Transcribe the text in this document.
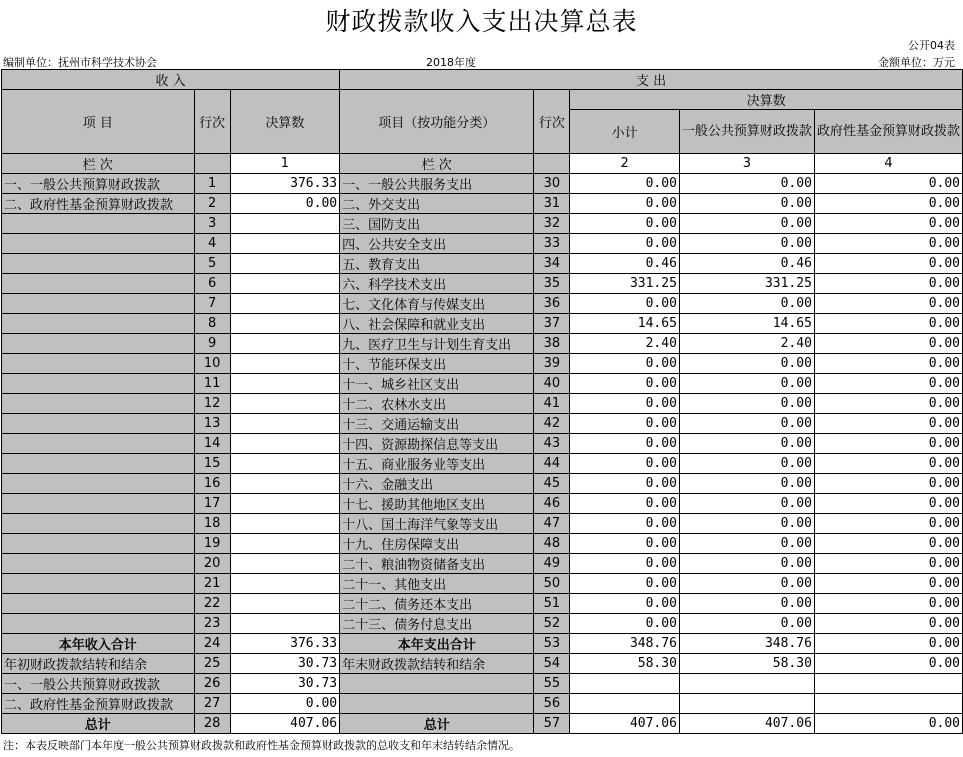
财政拨款收入支出决算总表
公开04表
编制单位：抚州市科学技术协会	2018年度	金额单位：万元
收 入			支 出				
项 目	行次	决算数	项目（按功能分类）	行次	决算数		
					小计	一般公共预算财政拨款	政府性基金预算财政拨款
栏 次		1	栏 次		2	3	4
一、一般公共预算财政拨款	1	376.33	一、一般公共服务支出	30	0.00	0.00	0.00
二、政府性基金预算财政拨款	2	0.00	二、外交支出	31	0.00	0.00	0.00
	3		三、国防支出	32	0.00	0.00	0.00
	4		四、公共安全支出	33	0.00	0.00	0.00
	5		五、教育支出	34	0.46	0.46	0.00
	6		六、科学技术支出	35	331.25	331.25	0.00
	7		七、文化体育与传媒支出	36	0.00	0.00	0.00
	8		八、社会保障和就业支出	37	14.65	14.65	0.00
	9		九、医疗卫生与计划生育支出	38	2.40	2.40	0.00
	10		十、节能环保支出	39	0.00	0.00	0.00
	11		十一、城乡社区支出	40	0.00	0.00	0.00
	12		十二、农林水支出	41	0.00	0.00	0.00
	13		十三、交通运输支出	42	0.00	0.00	0.00
	14		十四、资源勘探信息等支出	43	0.00	0.00	0.00
	15		十五、商业服务业等支出	44	0.00	0.00	0.00
	16		十六、金融支出	45	0.00	0.00	0.00
	17		十七、援助其他地区支出	46	0.00	0.00	0.00
	18		十八、国土海洋气象等支出	47	0.00	0.00	0.00
	19		十九、住房保障支出	48	0.00	0.00	0.00
	20		二十、粮油物资储备支出	49	0.00	0.00	0.00
	21		二十一、其他支出	50	0.00	0.00	0.00
	22		二十二、债务还本支出	51	0.00	0.00	0.00
	23		二十三、债务付息支出	52	0.00	0.00	0.00
本年收入合计	24	376.33	本年支出合计	53	348.76	348.76	0.00
年初财政拨款结转和结余	25	30.73	年末财政拨款结转和结余	54	58.30	58.30	0.00
一、一般公共预算财政拨款	26	30.73		55			
二、政府性基金预算财政拨款	27	0.00		56			
总计	28	407.06	总计	57	407.06	407.06	0.00
注：本表反映部门本年度一般公共预算财政拨款和政府性基金预算财政拨款的总收支和年末结转结余情况。
